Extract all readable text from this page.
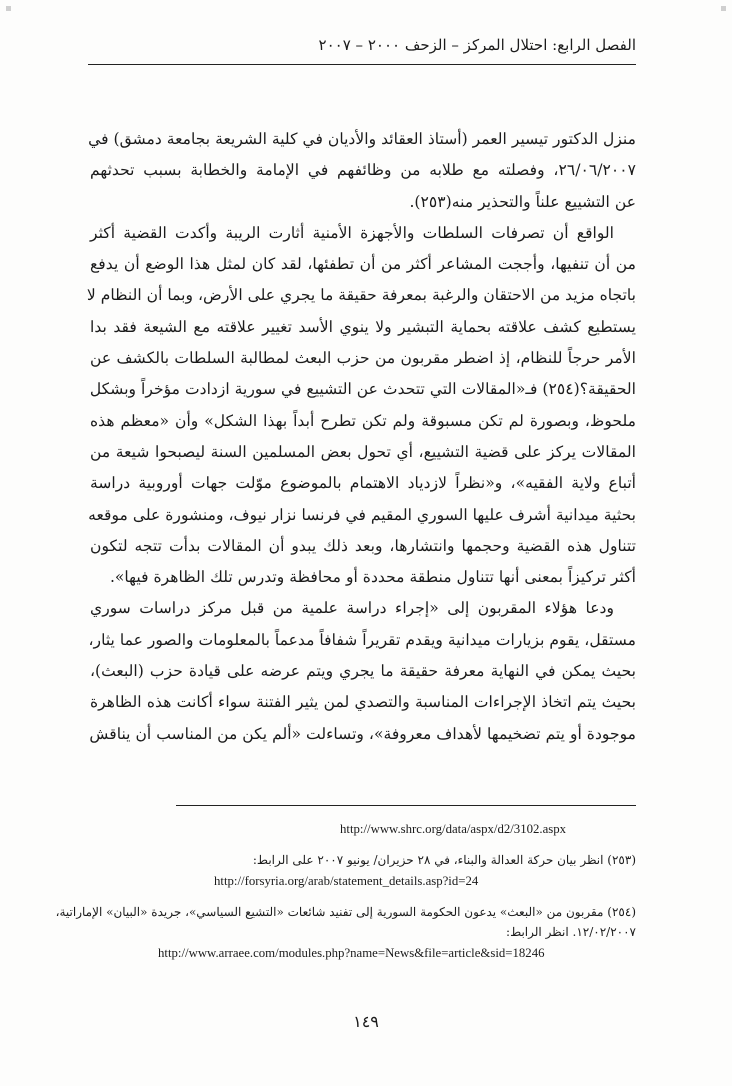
الفصل الرابع: احتلال المركز – الزحف ٢٠٠٠ – ٢٠٠٧
منزل الدكتور تيسير العمر (أستاذ العقائد والأديان في كلية الشريعة بجامعة دمشق) في
٢٦/٠٦/٢٠٠٧، وفصلته مع طلابه من وظائفهم في الإمامة والخطابة بسبب تحدثهم
عن التشييع علناً والتحذير منه(٢٥٣).
الواقع أن تصرفات السلطات والأجهزة الأمنية أثارت الريبة وأكدت القضية أكثر
من أن تنفيها، وأججت المشاعر أكثر من أن تطفئها، لقد كان لمثل هذا الوضع أن يدفع
باتجاه مزيد من الاحتقان والرغبة بمعرفة حقيقة ما يجري على الأرض، وبما أن النظام لا
يستطيع كشف علاقته بحماية التبشير ولا ينوي الأسد تغيير علاقته مع الشيعة فقد بدا
الأمر حرجاً للنظام، إذ اضطر مقربون من حزب البعث لمطالبة السلطات بالكشف عن
الحقيقة؟(٢٥٤) فـ«المقالات التي تتحدث عن التشييع في سورية ازدادت مؤخراً وبشكل
ملحوظ، وبصورة لم تكن مسبوقة ولم تكن تطرح أبداً بهذا الشكل» وأن «معظم هذه
المقالات يركز على قضية التشييع، أي تحول بعض المسلمين السنة ليصبحوا شيعة من
أتباع ولاية الفقيه»، و«نظراً لازدياد الاهتمام بالموضوع موّلت جهات أوروبية دراسة
بحثية ميدانية أشرف عليها السوري المقيم في فرنسا نزار نيوف، ومنشورة على موقعه
تتناول هذه القضية وحجمها وانتشارها، وبعد ذلك يبدو أن المقالات بدأت تتجه لتكون
أكثر تركيزاً بمعنى أنها تتناول منطقة محددة أو محافظة وتدرس تلك الظاهرة فيها».
ودعا هؤلاء المقربون إلى «إجراء دراسة علمية من قبل مركز دراسات سوري
مستقل، يقوم بزيارات ميدانية ويقدم تقريراً شفافاً مدعماً بالمعلومات والصور عما يثار،
بحيث يمكن في النهاية معرفة حقيقة ما يجري ويتم عرضه على قيادة حزب (البعث)،
بحيث يتم اتخاذ الإجراءات المناسبة والتصدي لمن يثير الفتنة سواء أكانت هذه الظاهرة
موجودة أو يتم تضخيمها لأهداف معروفة»، وتساءلت «ألم يكن من المناسب أن يناقش
http://www.shrc.org/data/aspx/d2/3102.aspx
(٢٥٣) انظر بيان حركة العدالة والبناء، في ٢٨ حزيران/ يونيو ٢٠٠٧ على الرابط:
http://forsyria.org/arab/statement_details.asp?id=24
(٢٥٤) مقربون من «البعث» يدعون الحكومة السورية إلى تفنيد شائعات «التشيع السياسي»، جريدة «البيان» الإماراتية،
١٢/٠٢/٢٠٠٧. انظر الرابط:
http://www.arraee.com/modules.php?name=News&file=article&sid=18246
١٤٩
